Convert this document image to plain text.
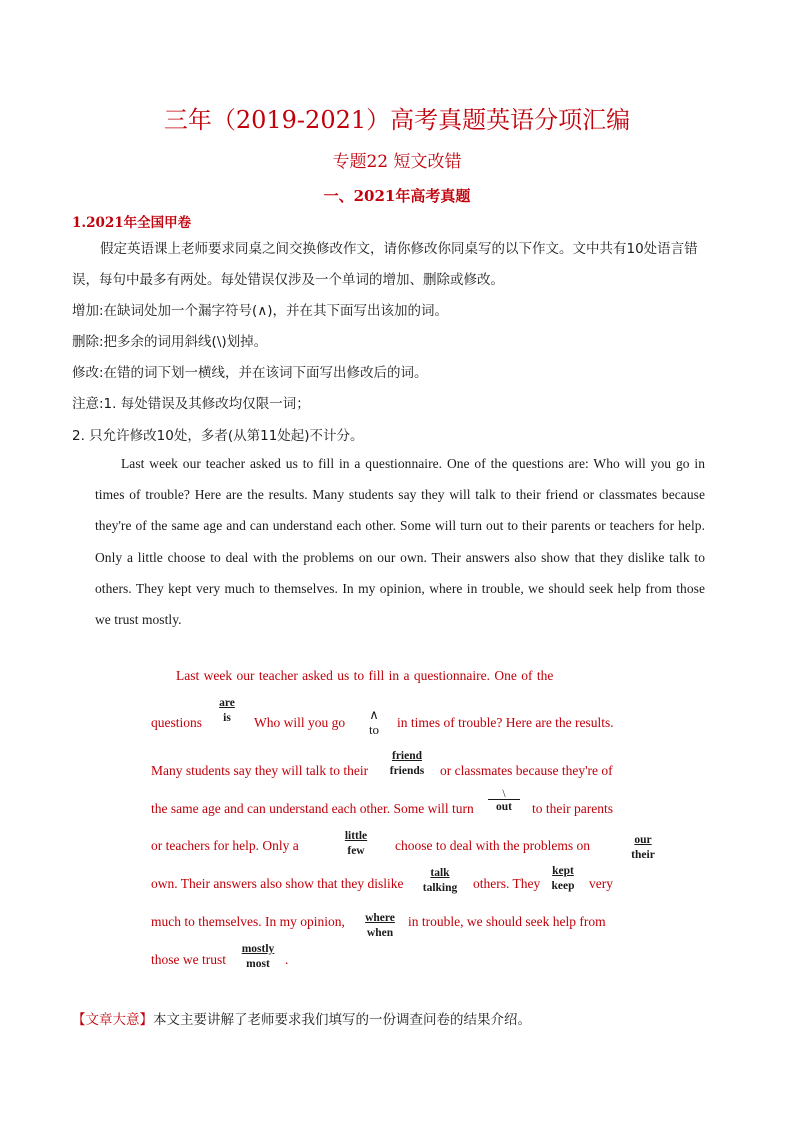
三年（2019-2021）高考真题英语分项汇编
专题22 短文改错
一、2021年高考真题
1.2021年全国甲卷
假定英语课上老师要求同桌之间交换修改作文，请你修改你同桌写的以下作文。文中共有10处语言错
误，每句中最多有两处。每处错误仅涉及一个单词的增加、删除或修改。
增加:在缺词处加一个漏字符号(∧)，并在其下面写出该加的词。
删除:把多余的词用斜线(\)划掉。
修改:在错的词下划一横线，并在该词下面写出修改后的词。
注意:1. 每处错误及其修改均仅限一词；
2. 只允许修改10处，多者(从第11处起)不计分。

Last week our teacher asked us to fill in a questionnaire. One of the questions are: Who will you go in times of trouble? Here are the results. Many students say they will talk to their friend or classmates because they're of the same age and can understand each other. Some will turn out to their parents or teachers for help. Only a little choose to deal with the problems on our own. Their answers also show that they dislike talk to others. They kept very much to themselves. In my opinion, where in trouble, we should seek help from those we trust mostly.

Last week our teacher asked us to fill in a questionnaire. One of the
questions
are
is	Who will you go
∧
to	in times of trouble? Here are the results.
Many students say they will talk to their
friend
friends	or classmates because they're of
the same age and can understand each other. Some will turn
\
out	to their parents
or teachers for help. Only a
little
few	choose to deal with the problems on	our
their
own. Their answers also show that they dislike
talk
talking	others. They
kept
keep	very
much to themselves. In my opinion,	where
when
in trouble, we should seek help from
those we trust
mostly
most	.
【文章大意】本文主要讲解了老师要求我们填写的一份调查问卷的结果介绍。
